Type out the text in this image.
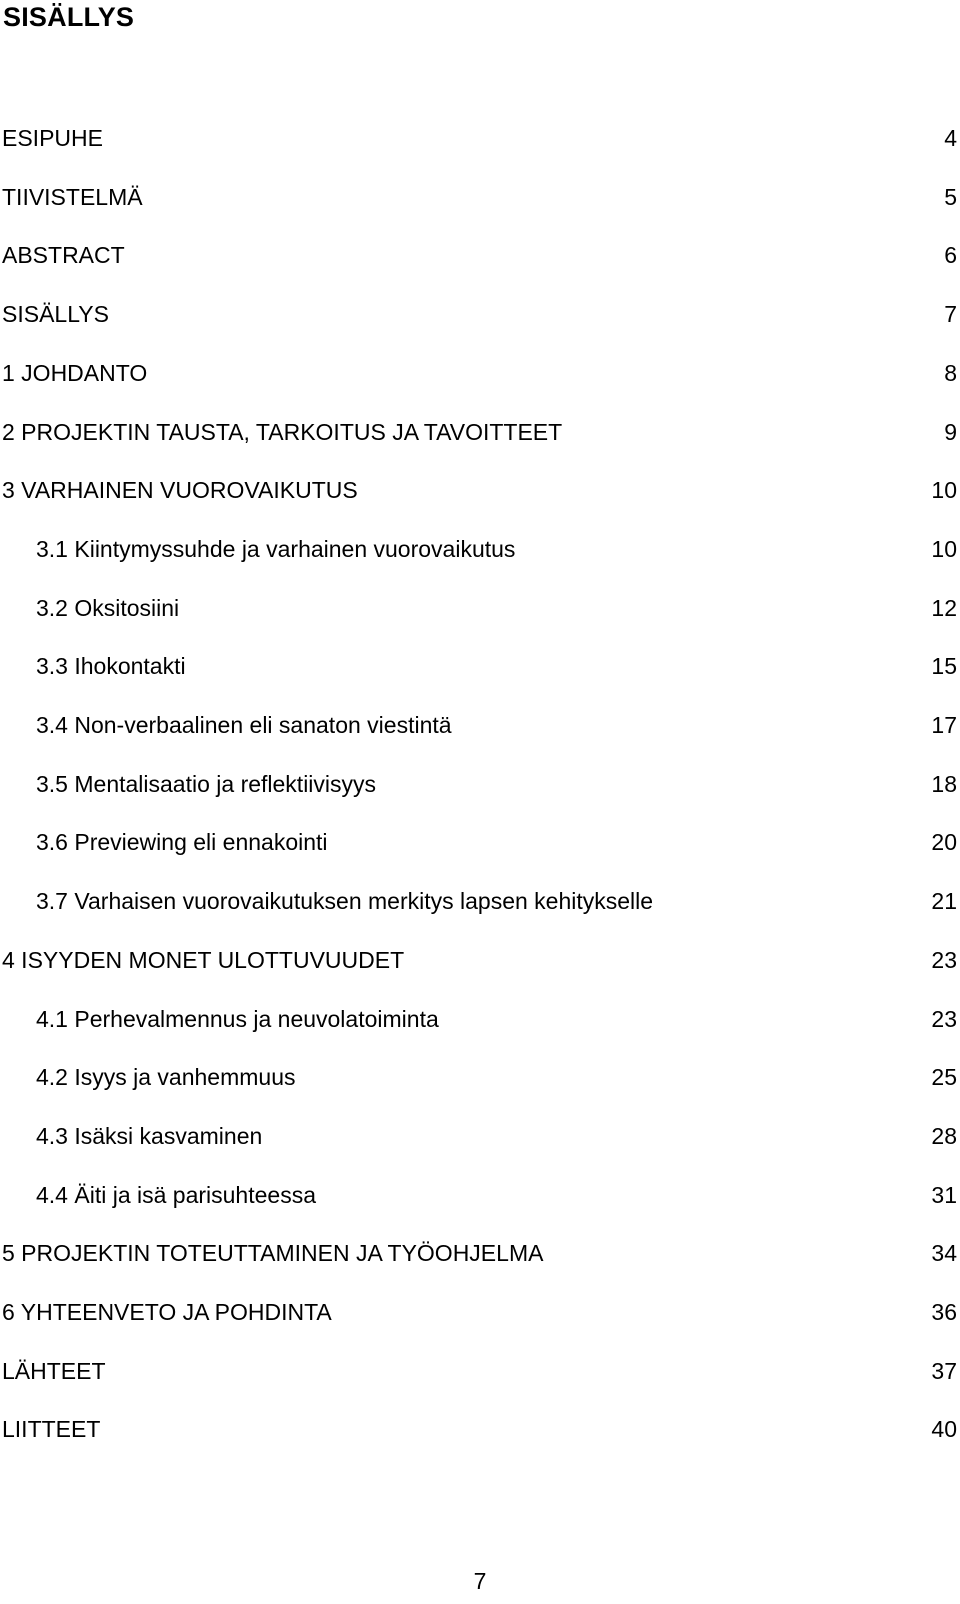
SISÄLLYS
ESIPUHE	4
TIIVISTELMÄ	5
ABSTRACT	6
SISÄLLYS	7
1 JOHDANTO	8
2 PROJEKTIN TAUSTA, TARKOITUS JA TAVOITTEET	9
3 VARHAINEN VUOROVAIKUTUS	10
3.1 Kiintymyssuhde ja varhainen vuorovaikutus	10
3.2 Oksitosiini	12
3.3 Ihokontakti	15
3.4 Non-verbaalinen eli sanaton viestintä	17
3.5 Mentalisaatio ja reflektiivisyys	18
3.6 Previewing eli ennakointi	20
3.7 Varhaisen vuorovaikutuksen merkitys lapsen kehitykselle	21
4 ISYYDEN MONET ULOTTUVUUDET	23
4.1 Perhevalmennus ja neuvolatoiminta	23
4.2 Isyys ja vanhemmuus	25
4.3 Isäksi kasvaminen	28
4.4 Äiti ja isä parisuhteessa	31
5 PROJEKTIN TOTEUTTAMINEN JA TYÖOHJELMA	34
6 YHTEENVETO JA POHDINTA	36
LÄHTEET	37
LIITTEET	40
7
